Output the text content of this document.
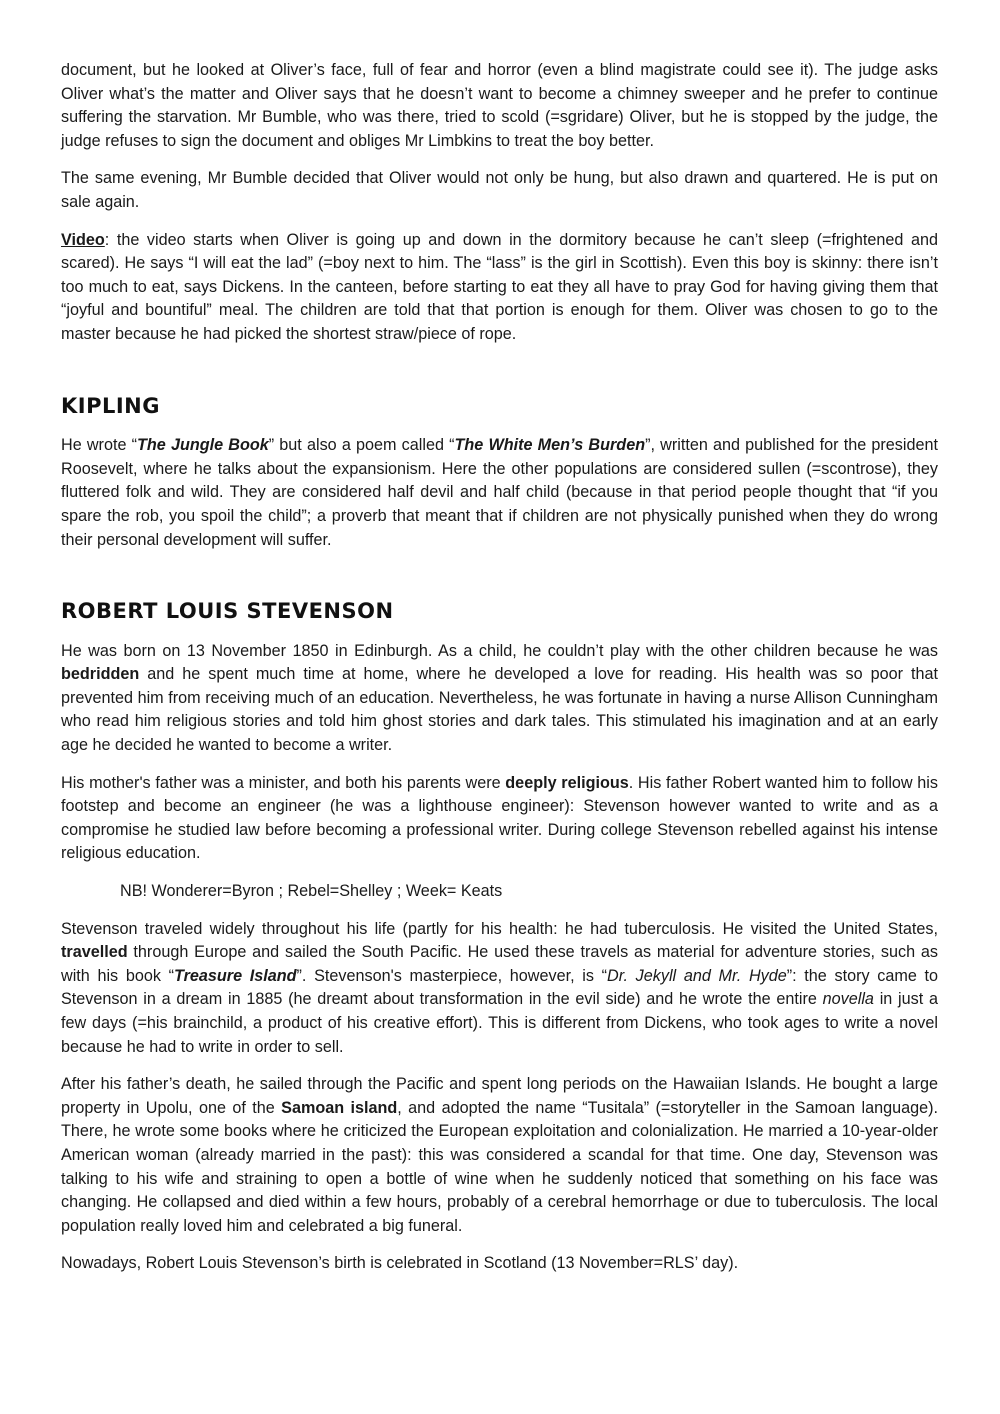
document, but he looked at Oliver’s face, full of fear and horror (even a blind magistrate could see it). The judge asks Oliver what’s the matter and Oliver says that he doesn’t want to become a chimney sweeper and he prefer to continue suffering the starvation. Mr Bumble, who was there, tried to scold (=sgridare) Oliver, but he is stopped by the judge, the judge refuses to sign the document and obliges Mr Limbkins to treat the boy better.

The same evening, Mr Bumble decided that Oliver would not only be hung, but also drawn and quartered. He is put on sale again.

Video: the video starts when Oliver is going up and down in the dormitory because he can’t sleep (=frightened and scared). He says “I will eat the lad” (=boy next to him. The “lass” is the girl in Scottish). Even this boy is skinny: there isn’t too much to eat, says Dickens. In the canteen, before starting to eat they all have to pray God for having giving them that “joyful and bountiful” meal. The children are told that that portion is enough for them. Oliver was chosen to go to the master because he had picked the shortest straw/piece of rope.

KIPLING

He wrote “The Jungle Book” but also a poem called “The White Men’s Burden”, written and published for the president Roosevelt, where he talks about the expansionism. Here the other populations are considered sullen (=scontrose), they fluttered folk and wild. They are considered half devil and half child (because in that period people thought that “if you spare the rob, you spoil the child”; a proverb that meant that if children are not physically punished when they do wrong their personal development will suffer.

ROBERT LOUIS STEVENSON

He was born on 13 November 1850 in Edinburgh. As a child, he couldn’t play with the other children because he was bedridden and he spent much time at home, where he developed a love for reading. His health was so poor that prevented him from receiving much of an education. Nevertheless, he was fortunate in having a nurse Allison Cunningham who read him religious stories and told him ghost stories and dark tales. This stimulated his imagination and at an early age he decided he wanted to become a writer.

His mother's father was a minister, and both his parents were deeply religious. His father Robert wanted him to follow his footstep and become an engineer (he was a lighthouse engineer): Stevenson however wanted to write and as a compromise he studied law before becoming a professional writer. During college Stevenson rebelled against his intense religious education.

NB! Wonderer=Byron ; Rebel=Shelley ; Week= Keats

Stevenson traveled widely throughout his life (partly for his health: he had tuberculosis. He visited the United States, travelled through Europe and sailed the South Pacific. He used these travels as material for adventure stories, such as with his book “Treasure Island”. Stevenson's masterpiece, however, is “Dr. Jekyll and Mr. Hyde”: the story came to Stevenson in a dream in 1885 (he dreamt about transformation in the evil side) and he wrote the entire novella in just a few days (=his brainchild, a product of his creative effort). This is different from Dickens, who took ages to write a novel because he had to write in order to sell.

After his father’s death, he sailed through the Pacific and spent long periods on the Hawaiian Islands. He bought a large property in Upolu, one of the Samoan island, and adopted the name “Tusitala” (=storyteller in the Samoan language). There, he wrote some books where he criticized the European exploitation and colonialization. He married a 10-year-older American woman (already married in the past): this was considered a scandal for that time. One day, Stevenson was talking to his wife and straining to open a bottle of wine when he suddenly noticed that something on his face was changing. He collapsed and died within a few hours, probably of a cerebral hemorrhage or due to tuberculosis. The local population really loved him and celebrated a big funeral.

Nowadays, Robert Louis Stevenson’s birth is celebrated in Scotland (13 November=RLS’ day).
